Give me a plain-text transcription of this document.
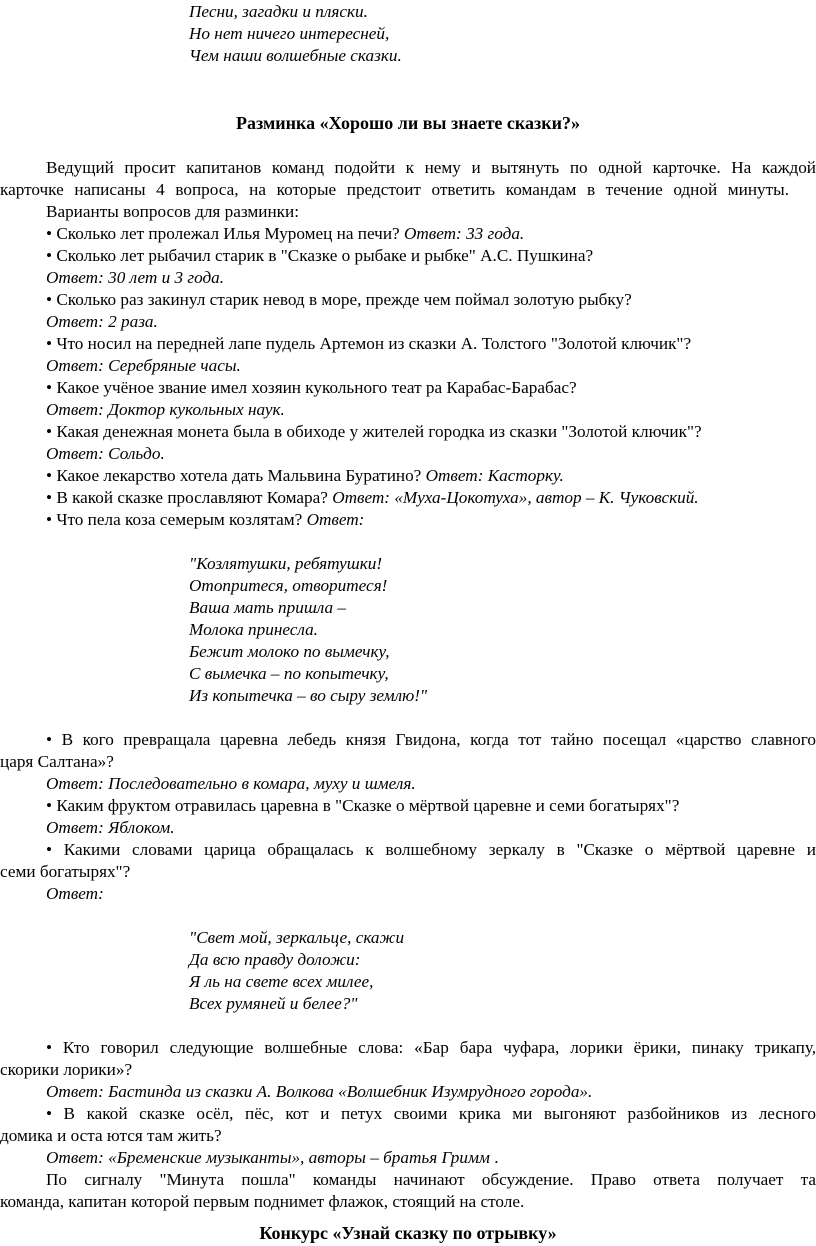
Песни, загадки и пляски.
Но нет ничего интересней,
Чем наши волшебные сказки.
Разминка «Хорошо ли вы знаете сказки?»
Ведущий просит капитанов команд подойти к нему и вытянуть по одной карточке. На каждой
карточке написаны 4 вопроса, на которые предстоит ответить командам в течение одной минуты.
Варианты вопросов для разминки:
• Сколько лет пролежал Илья Муромец на печи? Ответ: 33 года.
• Сколько лет рыбачил старик в "Сказке о рыбаке и рыбке" А.С. Пушкина?
Ответ: 30 лет и 3 года.
• Сколько раз закинул старик невод в море, прежде чем поймал золотую рыбку?
Ответ: 2 раза.
• Что носил на передней лапе пудель Артемон из сказки А. Толстого "Золотой ключик"?
Ответ: Серебряные часы.
• Какое учёное звание имел хозяин кукольного теат ра Карабас-Барабас?
Ответ: Доктор кукольных наук.
• Какая денежная монета была в обиходе у жителей городка из сказки "Золотой ключик"?
Ответ: Сольдо.
• Какое лекарство хотела дать Мальвина Буратино? Ответ: Касторку.
• В какой сказке прославляют Комара? Ответ: «Муха-Цокотуха», автор – К. Чуковский.
• Что пела коза семерым козлятам? Ответ:
"Козлятушки, ребятушки!
Отопритеся, отворитеся!
Ваша мать пришла –
Молока принесла.
Бежит молоко по вымечку,
С вымечка – по копытечку,
Из копытечка – во сыру землю!"
• В кого превращала царевна лебедь князя Гвидона, когда тот тайно посещал «царство славного
царя Салтана»?
Ответ: Последовательно в комара, муху и шмеля.
• Каким фруктом отравилась царевна в "Сказке о мёртвой царевне и семи богатырях"?
Ответ: Яблоком.
• Какими словами царица обращалась к волшебному зеркалу в "Сказке о мёртвой царевне и
семи богатырях"?
Ответ:
"Свет мой, зеркальце, скажи
Да всю правду доложи:
Я ль на свете всех милее,
Всех румяней и белее?"
• Кто говорил следующие волшебные слова: «Бар бара чуфара, лорики ёрики, пинаку трикапу,
скорики лорики»?
Ответ: Бастинда из сказки А. Волкова «Волшебник Изумрудного города».
• В какой сказке осёл, пёс, кот и петух своими крика ми выгоняют разбойников из лесного
домика и оста ются там жить?
Ответ: «Бременские музыканты», авторы – братья Гримм .
По сигналу "Минута пошла" команды начинают обсуждение. Право ответа получает та
команда, капитан которой первым поднимет флажок, стоящий на столе.
Конкурс «Узнай сказку по отрывку»
